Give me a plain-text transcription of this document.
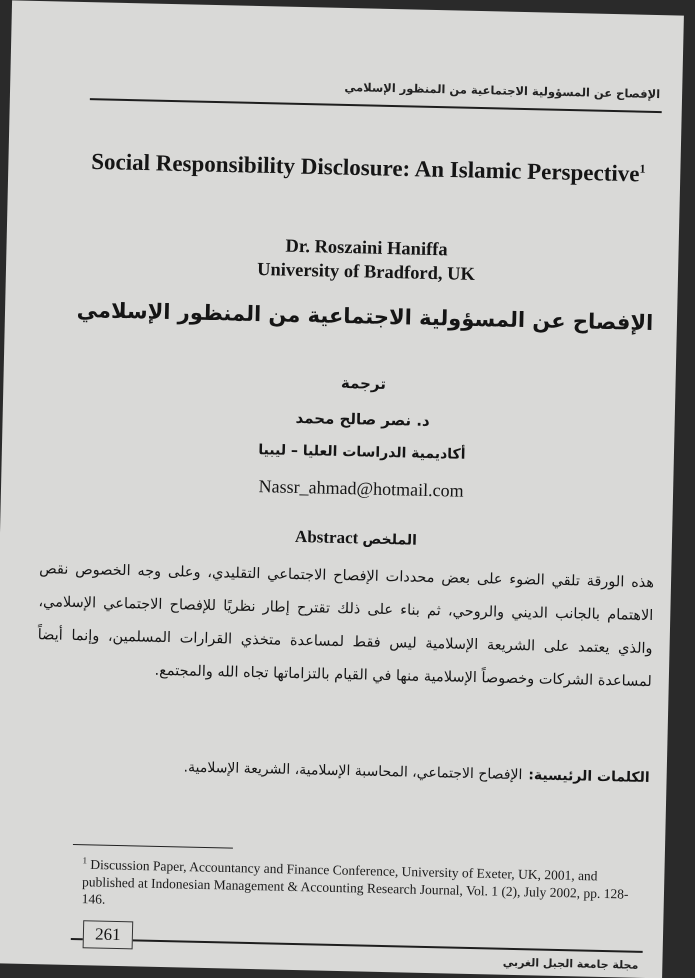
الإفصاح عن المسؤولية الاجتماعية من المنظور الإسلامي
Social Responsibility Disclosure: An Islamic Perspective$^1$
Dr. Roszaini Haniffa
University of Bradford, UK
الإفصاح عن المسؤولية الاجتماعية من المنظور الإسلامي
ترجمة
د. نصر صالح محمد
أكاديمية الدراسات العليا – ليبيا
Nassr_ahmad@hotmail.com
Abstract الملخص
هذه الورقة تلقي الضوء على بعض محددات الإفصاح الاجتماعي التقليدي، وعلى وجه الخصوص نقص الاهتمام بالجانب الديني والروحي، ثم بناء على ذلك تقترح إطار نظريًا للإفصاح الاجتماعي الإسلامي، والذي يعتمد على الشريعة الإسلامية ليس فقط لمساعدة متخذي القرارات المسلمين، وإنما أيضاً لمساعدة الشركات وخصوصاً الإسلامية منها في القيام بالتزاماتها تجاه الله والمجتمع.
الكلمات الرئيسية:الإفصاح الاجتماعي، المحاسبة الإسلامية، الشريعة الإسلامية.
$^1$ Discussion Paper, Accountancy and Finance Conference, University of Exeter, UK, 2001, and published at Indonesian Management & Accounting Research Journal, Vol. 1 (2), July 2002, pp. 128-146.
261
مجلة جامعة الجبل الغربي
